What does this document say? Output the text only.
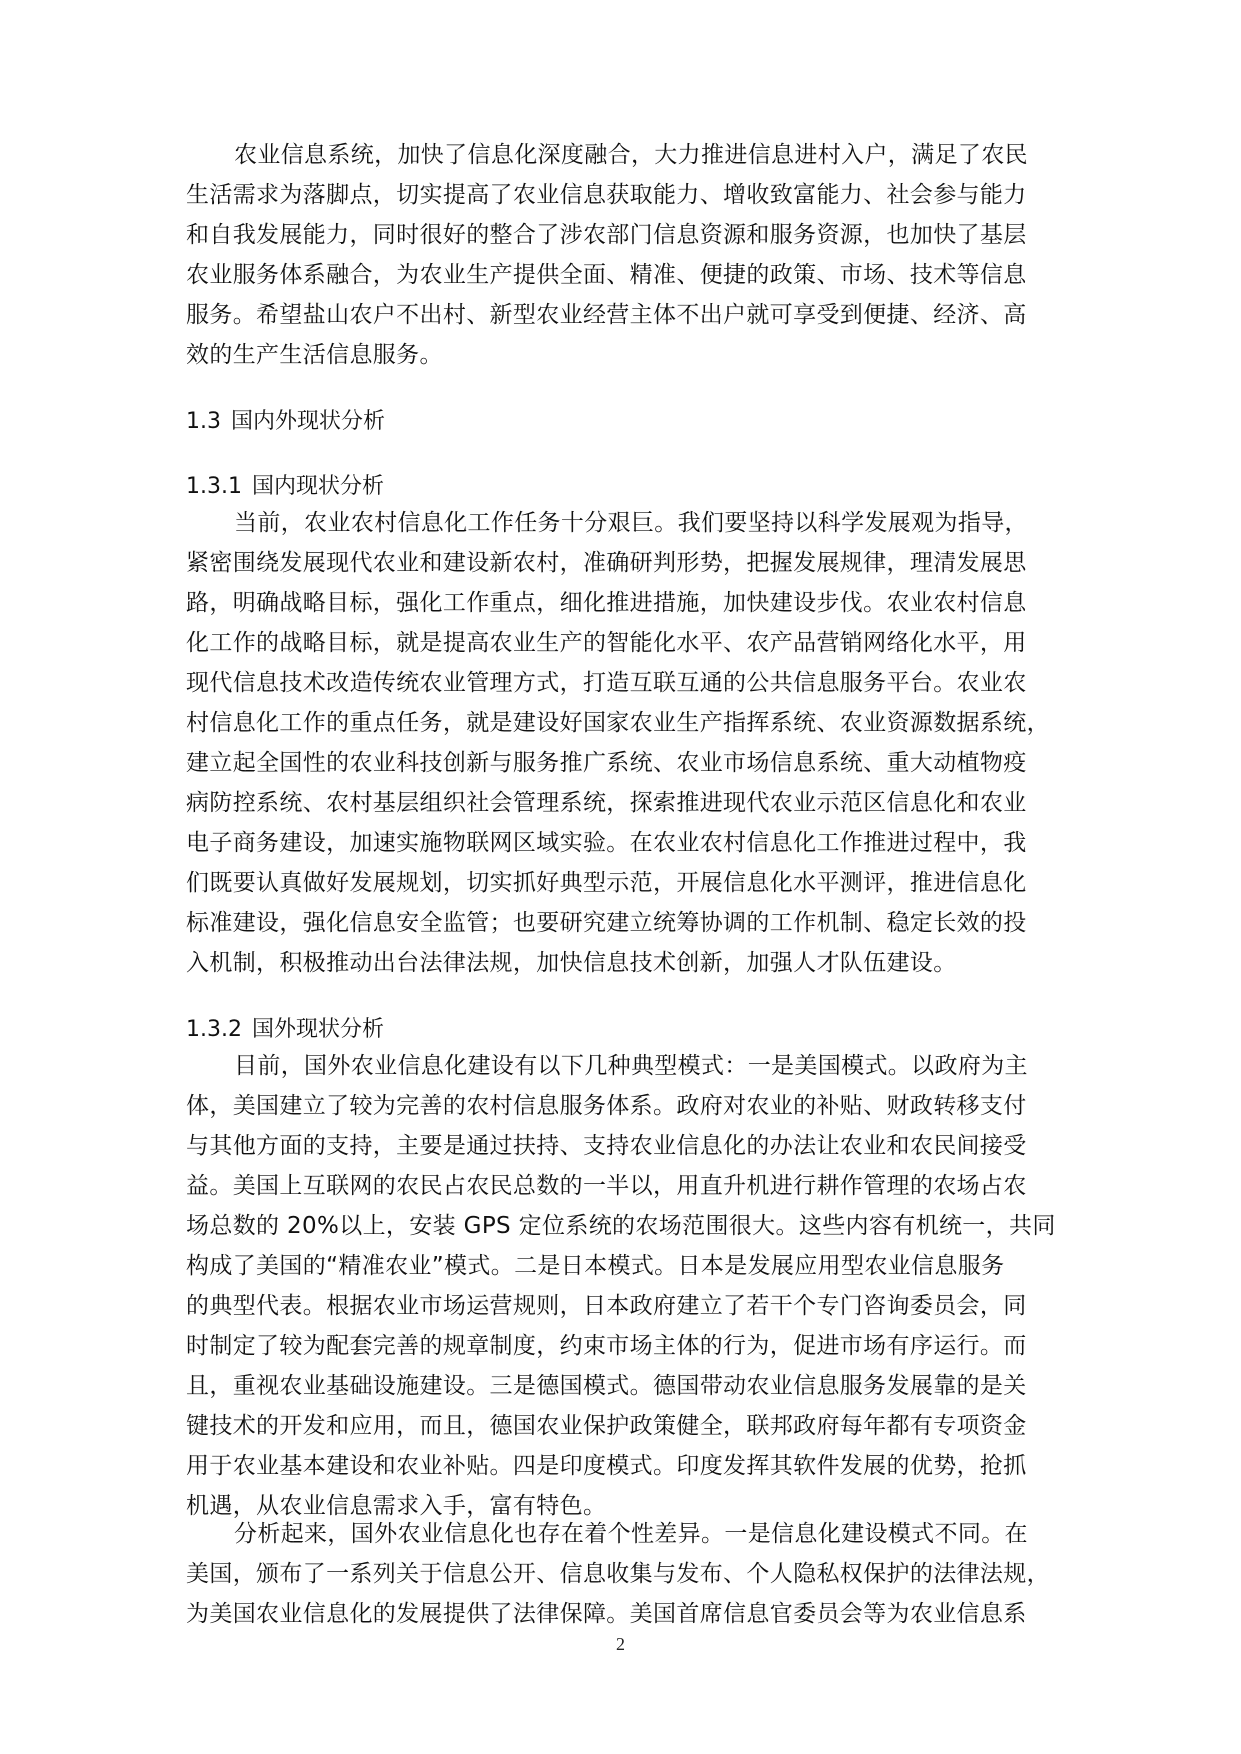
农业信息系统，加快了信息化深度融合，大力推进信息进村入户，满足了农民
生活需求为落脚点，切实提高了农业信息获取能力、增收致富能力、社会参与能力
和自我发展能力，同时很好的整合了涉农部门信息资源和服务资源，也加快了基层
农业服务体系融合，为农业生产提供全面、精准、便捷的政策、市场、技术等信息
服务。希望盐山农户不出村、新型农业经营主体不出户就可享受到便捷、经济、高
效的生产生活信息服务。
1.3 国内外现状分析
1.3.1 国内现状分析
当前，农业农村信息化工作任务十分艰巨。我们要坚持以科学发展观为指导，
紧密围绕发展现代农业和建设新农村，准确研判形势，把握发展规律，理清发展思
路，明确战略目标，强化工作重点，细化推进措施，加快建设步伐。农业农村信息
化工作的战略目标，就是提高农业生产的智能化水平、农产品营销网络化水平，用
现代信息技术改造传统农业管理方式，打造互联互通的公共信息服务平台。农业农
村信息化工作的重点任务，就是建设好国家农业生产指挥系统、农业资源数据系统，
建立起全国性的农业科技创新与服务推广系统、农业市场信息系统、重大动植物疫
病防控系统、农村基层组织社会管理系统，探索推进现代农业示范区信息化和农业
电子商务建设，加速实施物联网区域实验。在农业农村信息化工作推进过程中，我
们既要认真做好发展规划，切实抓好典型示范，开展信息化水平测评，推进信息化
标准建设，强化信息安全监管；也要研究建立统筹协调的工作机制、稳定长效的投
入机制，积极推动出台法律法规，加快信息技术创新，加强人才队伍建设。
1.3.2 国外现状分析
目前，国外农业信息化建设有以下几种典型模式：一是美国模式。以政府为主
体，美国建立了较为完善的农村信息服务体系。政府对农业的补贴、财政转移支付
与其他方面的支持，主要是通过扶持、支持农业信息化的办法让农业和农民间接受
益。美国上互联网的农民占农民总数的一半以，用直升机进行耕作管理的农场占农
场总数的 20%以上，安装 GPS 定位系统的农场范围很大。这些内容有机统一，共同
构成了美国的“精准农业”模式。二是日本模式。日本是发展应用型农业信息服务
的典型代表。根据农业市场运营规则，日本政府建立了若干个专门咨询委员会，同
时制定了较为配套完善的规章制度，约束市场主体的行为，促进市场有序运行。而
且，重视农业基础设施建设。三是德国模式。德国带动农业信息服务发展靠的是关
键技术的开发和应用，而且，德国农业保护政策健全，联邦政府每年都有专项资金
用于农业基本建设和农业补贴。四是印度模式。印度发挥其软件发展的优势，抢抓
机遇，从农业信息需求入手，富有特色。
分析起来，国外农业信息化也存在着个性差异。一是信息化建设模式不同。在
美国，颁布了一系列关于信息公开、信息收集与发布、个人隐私权保护的法律法规，
为美国农业信息化的发展提供了法律保障。美国首席信息官委员会等为农业信息系
2
